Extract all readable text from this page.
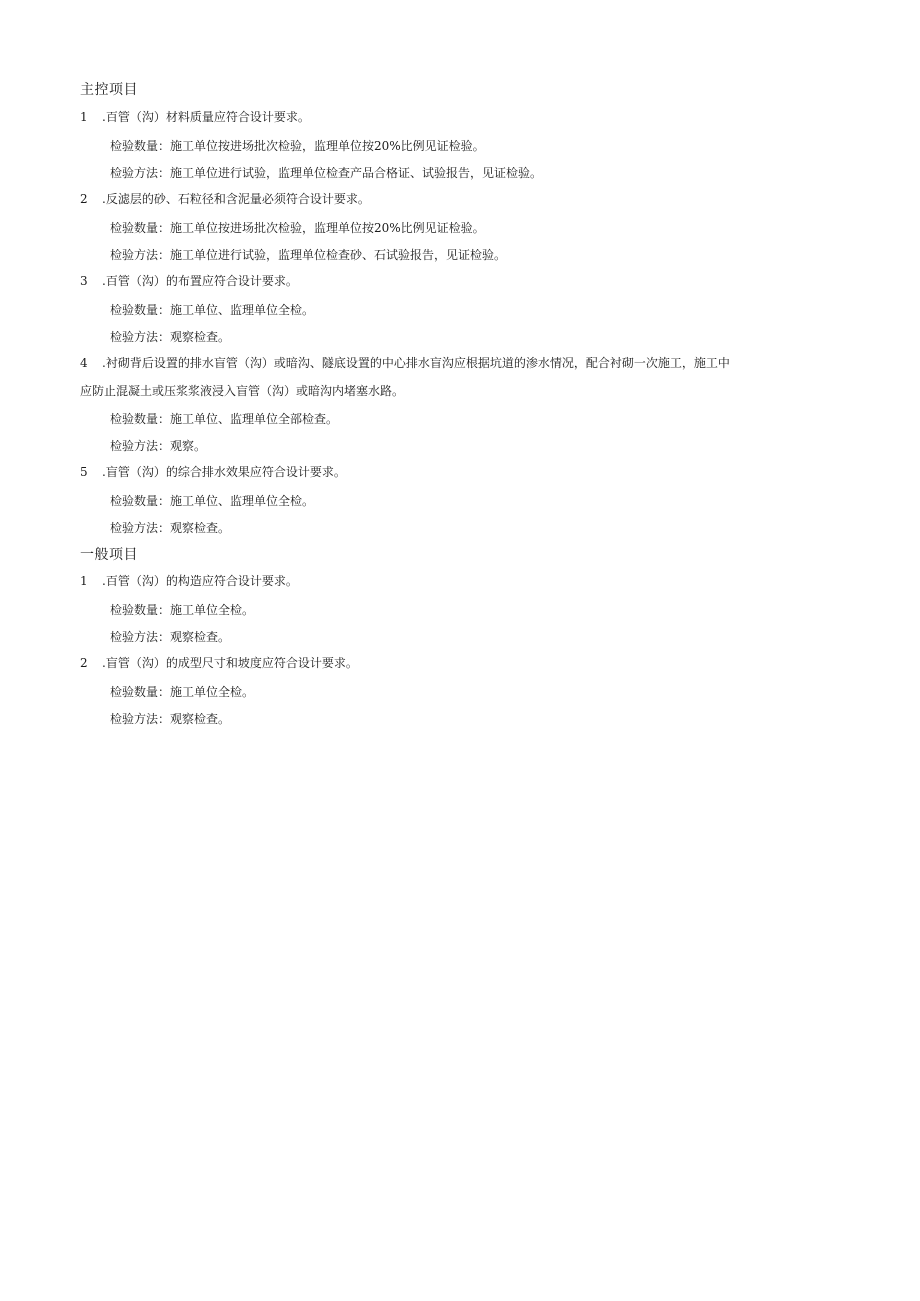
主控项目
1 .百管（沟）材料质量应符合设计要求。
检验数量：施工单位按进场批次检验，监理单位按20%比例见证检验。
检验方法：施工单位进行试验，监理单位检查产品合格证、试验报告，见证检验。
2 .反滤层的砂、石粒径和含泥量必须符合设计要求。
检验数量：施工单位按进场批次检验，监理单位按20%比例见证检验。
检验方法：施工单位进行试验，监理单位检查砂、石试验报告，见证检验。
3 .百管（沟）的布置应符合设计要求。
检验数量：施工单位、监理单位全检。
检验方法：观察检查。
4 .衬砌背后设置的排水盲管（沟）或暗沟、隧底设置的中心排水盲沟应根据坑道的渗水情况，配合衬砌一次施工，施工中
应防止混凝土或压浆浆液浸入盲管（沟）或暗沟内堵塞水路。
检验数量：施工单位、监理单位全部检查。
检验方法：观察。
5 .盲管（沟）的综合排水效果应符合设计要求。
检验数量：施工单位、监理单位全检。
检验方法：观察检查。
一般项目
1 .百管（沟）的构造应符合设计要求。
检验数量：施工单位全检。
检验方法：观察检查。
2 .盲管（沟）的成型尺寸和坡度应符合设计要求。
检验数量：施工单位全检。
检验方法：观察检查。
